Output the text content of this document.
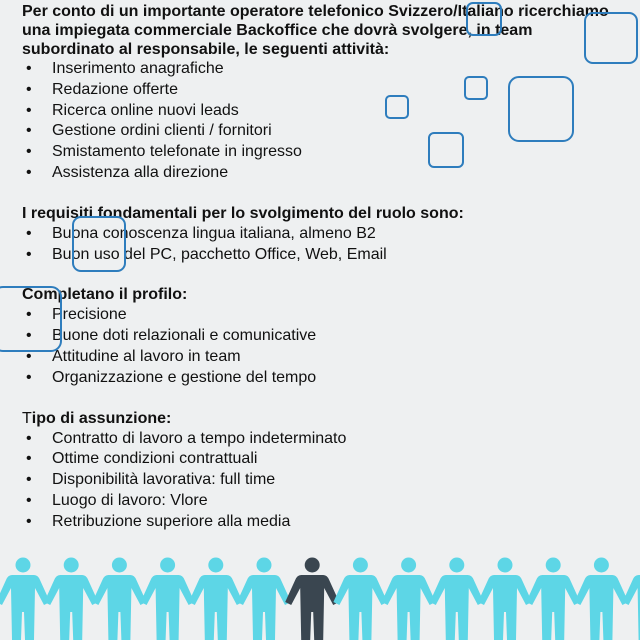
Per conto di un importante operatore telefonico Svizzero/Italiano ricerchiamo una impiegata commerciale Backoffice che dovrà svolgere, in team subordinato al responsabile, le seguenti attività:

• Inserimento anagrafiche
• Redazione offerte
• Ricerca online nuovi leads
• Gestione ordini clienti / fornitori
• Smistamento telefonate in ingresso
• Assistenza alla direzione

I requisiti fondamentali per lo svolgimento del ruolo sono:

• Buona conoscenza lingua italiana, almeno B2
• Buon uso del PC, pacchetto Office, Web, Email

Completano il profilo:

• Precisione
• Buone doti relazionali e comunicative
• Attitudine al lavoro in team
• Organizzazione e gestione del tempo

Tipo di assunzione:

• Contratto di lavoro a tempo indeterminato
• Ottime condizioni contrattuali
• Disponibilità lavorativa: full time
• Luogo di lavoro: Vlore
• Retribuzione superiore alla media
